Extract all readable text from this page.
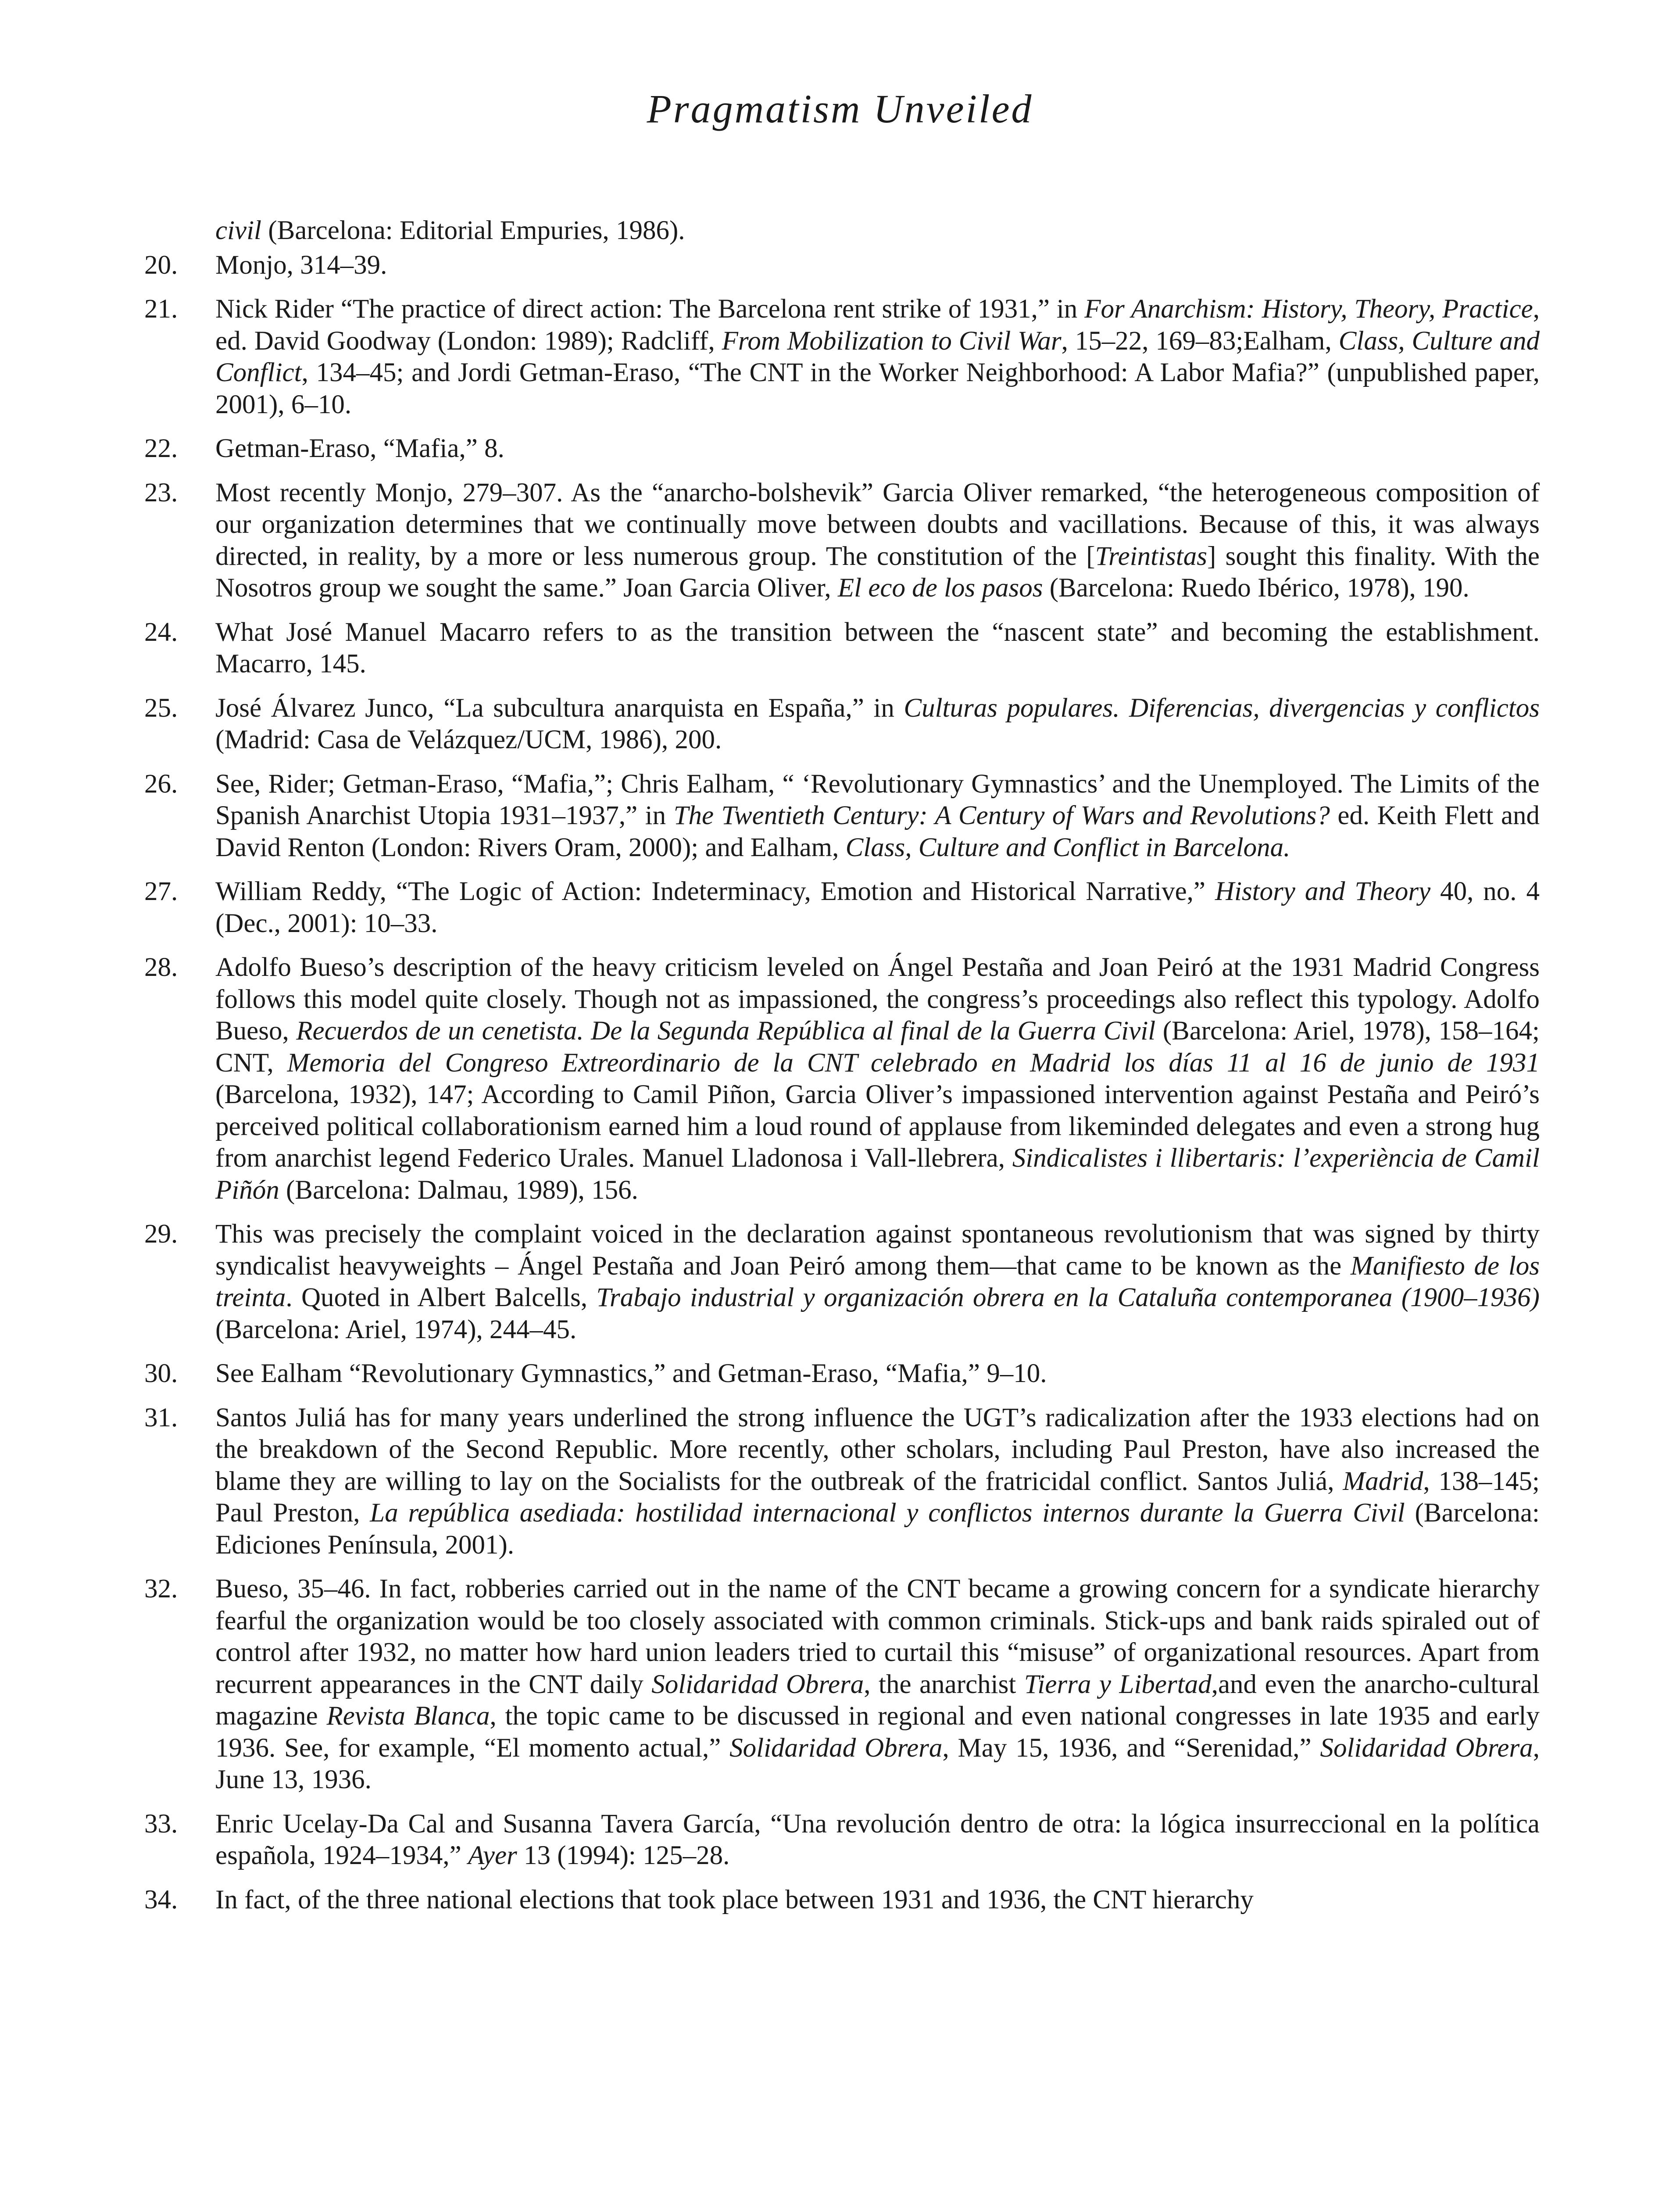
Pragmatism Unveiled
civil (Barcelona: Editorial Empuries, 1986).
20.	Monjo, 314–39.
21.	Nick Rider “The practice of direct action: The Barcelona rent strike of 1931,” in For Anarchism: History, Theory, Practice, ed. David Goodway (London: 1989); Radcliff, From Mobilization to Civil War, 15–22, 169–83;Ealham, Class, Culture and Conflict, 134–45; and Jordi Getman-Eraso, “The CNT in the Worker Neighborhood: A Labor Mafia?” (unpublished paper, 2001), 6–10.
22.	Getman-Eraso, “Mafia,” 8.
23.	Most recently Monjo, 279–307. As the “anarcho-bolshevik” Garcia Oliver remarked, “the heterogeneous composition of our organization determines that we continually move between doubts and vacillations. Because of this, it was always directed, in reality, by a more or less numerous group. The constitution of the [Treintistas] sought this finality. With the Nosotros group we sought the same.” Joan Garcia Oliver, El eco de los pasos (Barcelona: Ruedo Ibérico, 1978), 190.
24.	What José Manuel Macarro refers to as the transition between the “nascent state” and becoming the establishment. Macarro, 145.
25.	José Álvarez Junco, “La subcultura anarquista en España,” in Culturas populares. Diferencias, divergencias y conflictos (Madrid: Casa de Velázquez/UCM, 1986), 200.
26.	See, Rider; Getman-Eraso, “Mafia,”; Chris Ealham, “ ‘Revolutionary Gymnastics’ and the Unemployed. The Limits of the Spanish Anarchist Utopia 1931–1937,” in The Twentieth Century: A Century of Wars and Revolutions? ed. Keith Flett and David Renton (London: Rivers Oram, 2000); and Ealham, Class, Culture and Conflict in Barcelona.
27.	William Reddy, “The Logic of Action: Indeterminacy, Emotion and Historical Narrative,” History and Theory 40, no. 4 (Dec., 2001): 10–33.
28.	Adolfo Bueso’s description of the heavy criticism leveled on Ángel Pestaña and Joan Peiró at the 1931 Madrid Congress follows this model quite closely. Though not as impassioned, the congress’s proceedings also reflect this typology. Adolfo Bueso, Recuerdos de un cenetista. De la Segunda República al final de la Guerra Civil (Barcelona: Ariel, 1978), 158–164; CNT, Memoria del Congreso Extreordinario de la CNT celebrado en Madrid los días 11 al 16 de junio de 1931 (Barcelona, 1932), 147; According to Camil Piñon, Garcia Oliver’s impassioned intervention against Pestaña and Peiró’s perceived political collaborationism earned him a loud round of applause from likeminded delegates and even a strong hug from anarchist legend Federico Urales. Manuel Lladonosa i Vall-llebrera, Sindicalistes i llibertaris: l’experiència de Camil Piñón (Barcelona: Dalmau, 1989), 156.
29.	This was precisely the complaint voiced in the declaration against spontaneous revolutionism that was signed by thirty syndicalist heavyweights – Ángel Pestaña and Joan Peiró among them—that came to be known as the Manifiesto de los treinta. Quoted in Albert Balcells, Trabajo industrial y organización obrera en la Cataluña contemporanea (1900–1936) (Barcelona: Ariel, 1974), 244–45.
30.	See Ealham “Revolutionary Gymnastics,” and Getman-Eraso, “Mafia,” 9–10.
31.	Santos Juliá has for many years underlined the strong influence the UGT’s radicalization after the 1933 elections had on the breakdown of the Second Republic. More recently, other scholars, including Paul Preston, have also increased the blame they are willing to lay on the Socialists for the outbreak of the fratricidal conflict. Santos Juliá, Madrid, 138–145; Paul Preston, La república asediada: hostilidad internacional y conflictos internos durante la Guerra Civil (Barcelona: Ediciones Península, 2001).
32.	Bueso, 35–46. In fact, robberies carried out in the name of the CNT became a growing concern for a syndicate hierarchy fearful the organization would be too closely associated with common criminals. Stick-ups and bank raids spiraled out of control after 1932, no matter how hard union leaders tried to curtail this “misuse” of organizational resources. Apart from recurrent appearances in the CNT daily Solidaridad Obrera, the anarchist Tierra y Libertad,and even the anarcho-cultural magazine Revista Blanca, the topic came to be discussed in regional and even national congresses in late 1935 and early 1936. See, for example, “El momento actual,” Solidaridad Obrera, May 15, 1936, and “Serenidad,” Solidaridad Obrera, June 13, 1936.
33.	Enric Ucelay-Da Cal and Susanna Tavera García, “Una revolución dentro de otra: la lógica insurreccional en la política española, 1924–1934,” Ayer 13 (1994): 125–28.
34.	In fact, of the three national elections that took place between 1931 and 1936, the CNT hierarchy
